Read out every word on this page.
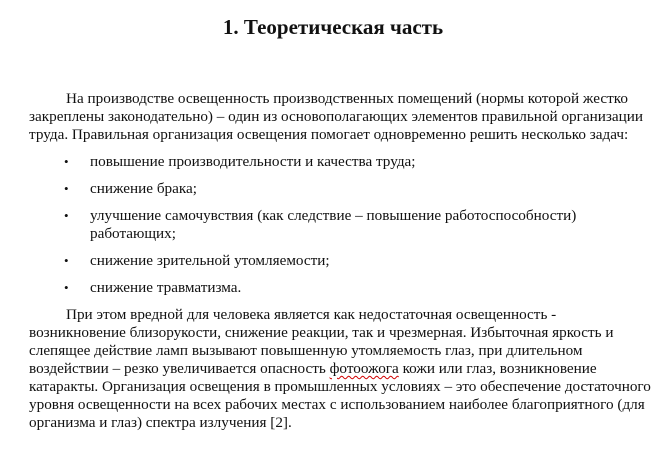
1. Теоретическая часть

На производстве освещенность производственных помещений (нормы которой жестко

закреплены законодательно) – один из основополагающих элементов правильной организации

труда. Правильная организация освещения помогает одновременно решить несколько задач:

• повышение производительности и качества труда;

• снижение брака;

• улучшение самочувствия (как следствие – повышение работоспособности)

работающих;

• снижение зрительной утомляемости;

• снижение травматизма.

При этом вредной для человека является как недостаточная освещенность -

возникновение близорукости, снижение реакции, так и чрезмерная. Избыточная яркость и

слепящее действие ламп вызывают повышенную утомляемость глаз, при длительном

воздействии – резко увеличивается опасность фотоожога кожи или глаз, возникновение

катаракты. Организация освещения в промышленных условиях – это обеспечение достаточного

уровня освещенности на всех рабочих местах с использованием наиболее благоприятного (для

организма и глаз) спектра излучения [2].
